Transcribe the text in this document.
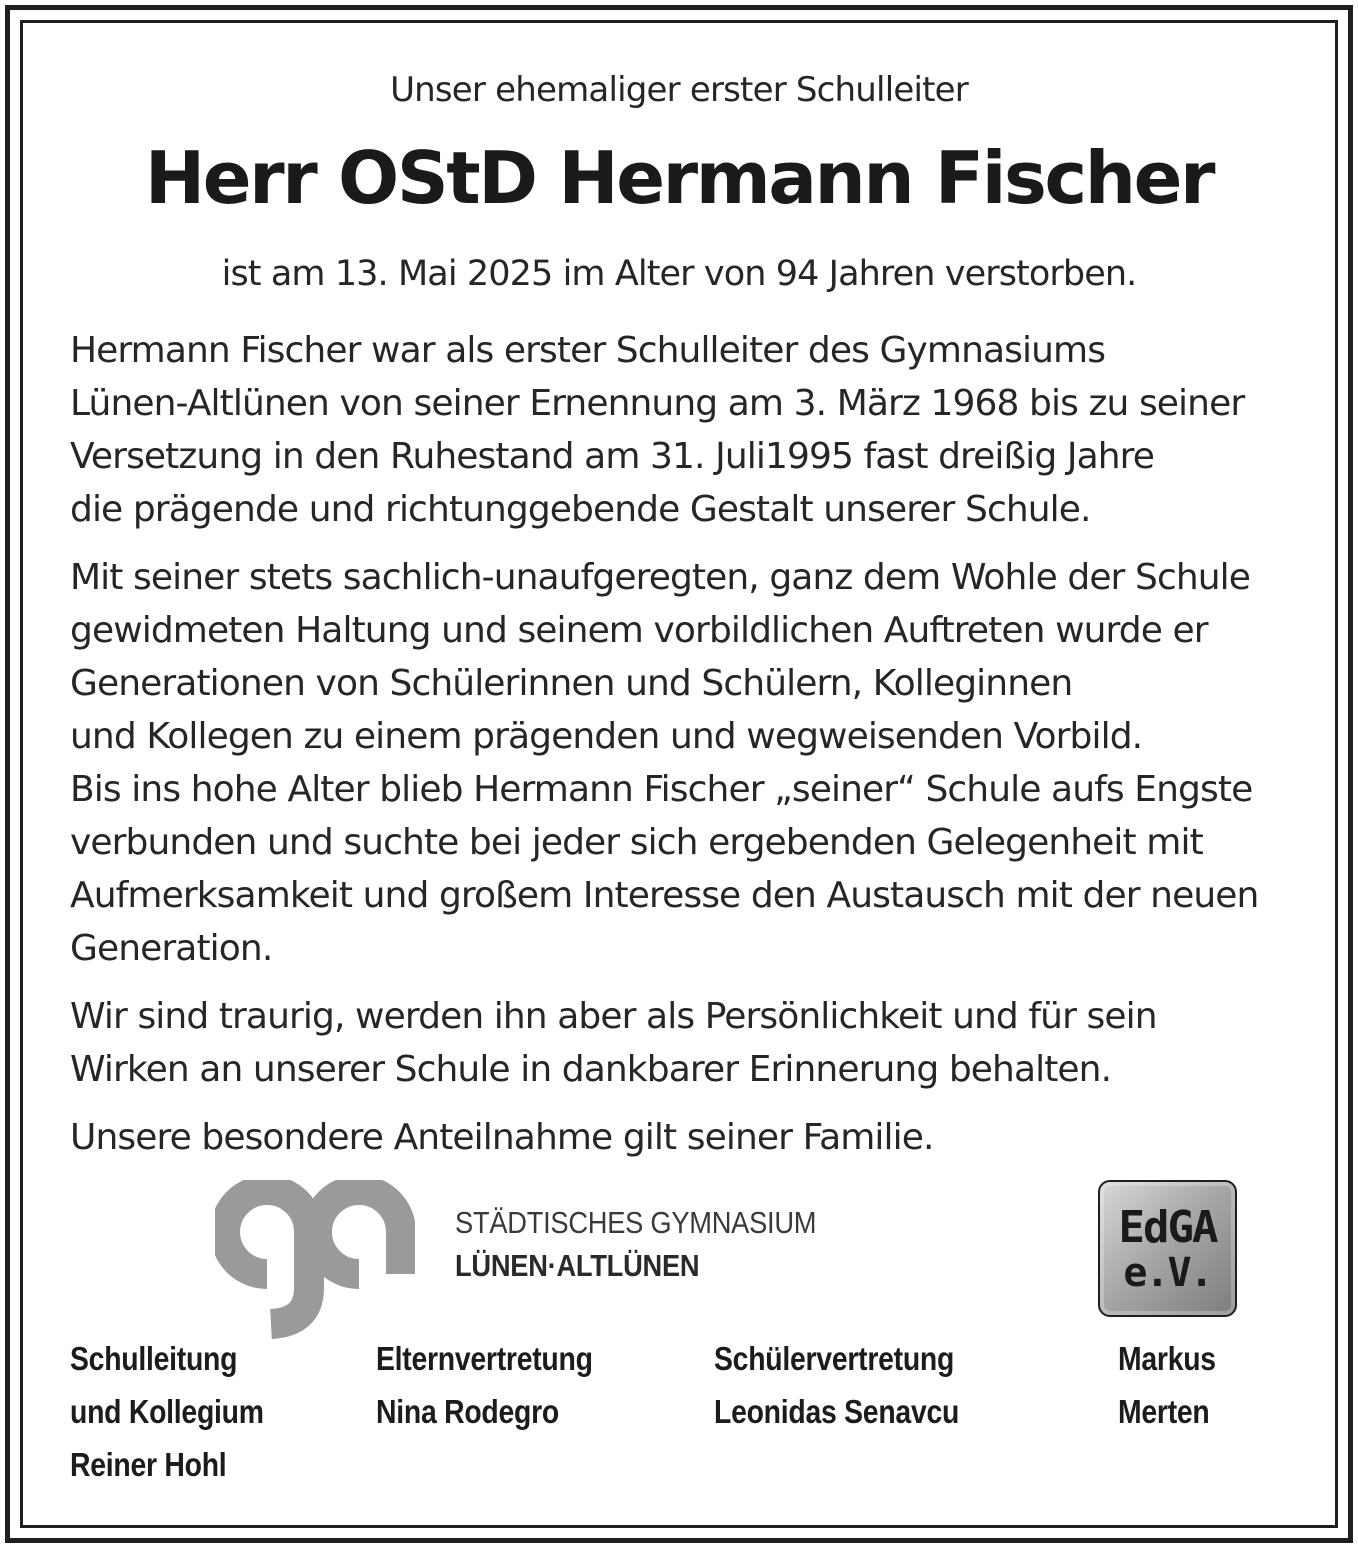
Unser ehemaliger erster Schulleiter
Herr OStD Hermann Fischer
ist am 13. Mai 2025 im Alter von 94 Jahren verstorben.
Hermann Fischer war als erster Schulleiter des Gymnasiums
Lünen-Altlünen von seiner Ernennung am 3. März 1968 bis zu seiner
Versetzung in den Ruhestand am 31. Juli1995 fast dreißig Jahre
die prägende und richtunggebende Gestalt unserer Schule.
Mit seiner stets sachlich-unaufgeregten, ganz dem Wohle der Schule
gewidmeten Haltung und seinem vorbildlichen Auftreten wurde er
Generationen von Schülerinnen und Schülern, Kolleginnen
und Kollegen zu einem prägenden und wegweisenden Vorbild.
Bis ins hohe Alter blieb Hermann Fischer „seiner“ Schule aufs Engste
verbunden und suchte bei jeder sich ergebenden Gelegenheit mit
Aufmerksamkeit und großem Interesse den Austausch mit der neuen
Generation.
Wir sind traurig, werden ihn aber als Persönlichkeit und für sein
Wirken an unserer Schule in dankbarer Erinnerung behalten.
Unsere besondere Anteilnahme gilt seiner Familie.
STÄDTISCHES GYMNASIUM
LÜNEN·ALTLÜNEN
EdGA
e.V.
Schulleitung
und Kollegium
Reiner Hohl
Elternvertretung
Nina Rodegro
Schülervertretung
Leonidas Senavcu
Markus
Merten
